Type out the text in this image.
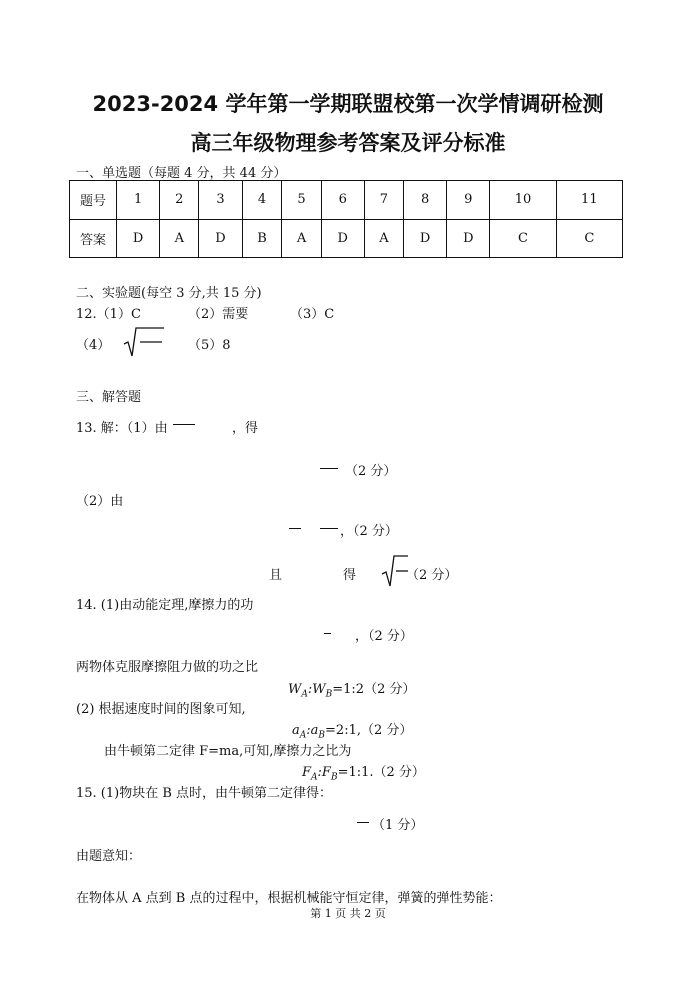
2023-2024 学年第一学期联盟校第一次学情调研检测
高三年级物理参考答案及评分标准
一、单选题（每题 4 分，共 44 分）
题号	1	2	3	4	5	6	7	8	9	10	11
答案	D	A	D	B	A	D	A	D	D	C	C
二、实验题(每空 3 分,共 15 分)
12.（1）C	（2）需要	（3）C
（4）	（5）8
三、解答题
13. 解：（1）由	，得
（2 分）
（2）由
，（2 分）
且	得	（2 分）
14. (1)由动能定理,摩擦力的功
，（2 分）
两物体克服摩擦阻力做的功之比
$W_A:W_B=1:2(2$ 分）
(2) 根据速度时间的图象可知,
$a_A:a_B=2:1,(2$ 分）
由牛顿第二定律 F=ma,可知,摩擦力之比为
$F_A:F_B=1:1.(2$ 分）
15. (1)物块在 B 点时，由牛顿第二定律得：
（1 分）
由题意知：
在物体从 A 点到 B 点的过程中，根据机械能守恒定律，弹簧的弹性势能：
第 1 页 共 2 页
